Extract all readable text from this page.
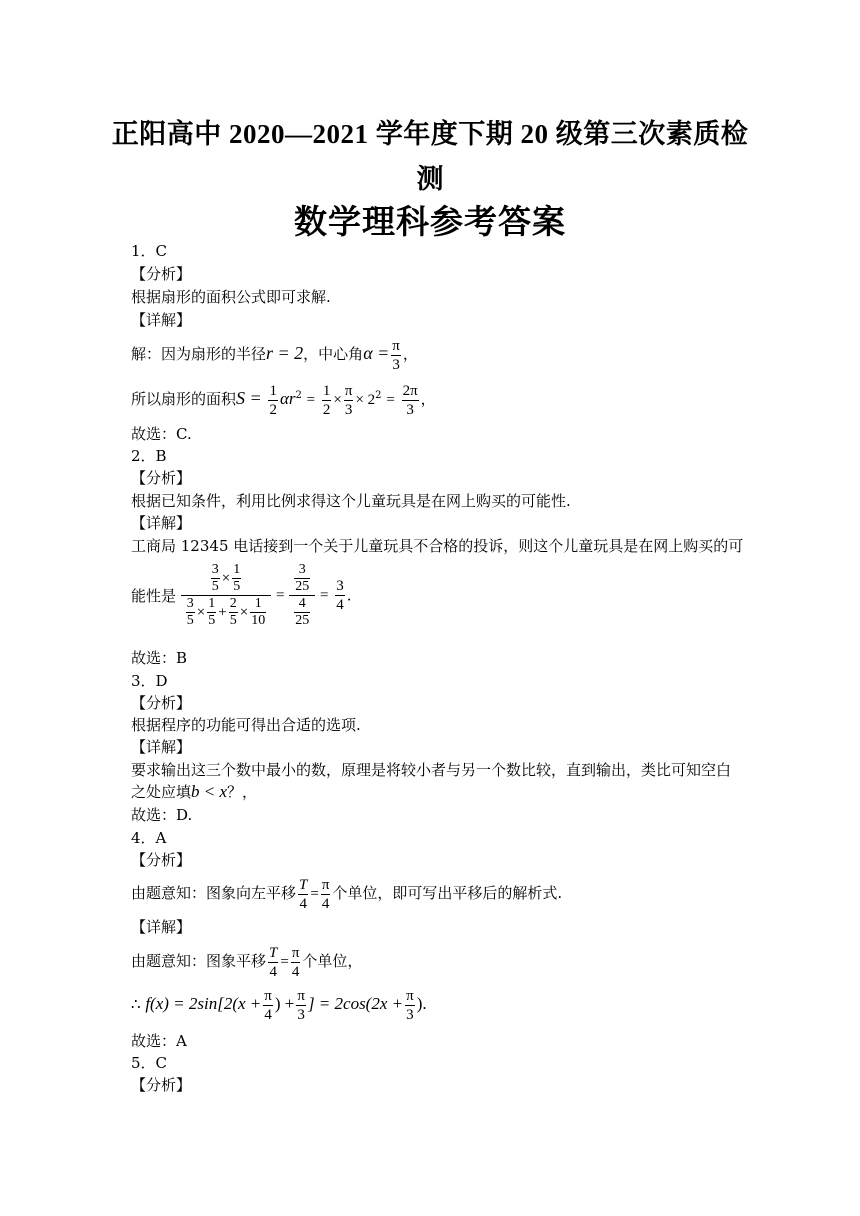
正阳高中 2020—2021 学年度下期 20 级第三次素质检
测
数学理科参考答案
1．C
【分析】
根据扇形的面积公式即可求解.
【详解】
解：因为扇形的半径r = 2，中心角$\alpha = \frac{\pi}{3}$ ，
所以扇形的面积$S = \frac{1}{2} \alpha r^2 = \frac{1}{2} \times \frac{\pi}{3} \times 2^2 = \frac{2\pi}{3}$ ，
故选：C.
2．B
【分析】
根据已知条件，利用比例求得这个儿童玩具是在网上购买的可能性.
【详解】
工商局 12345 电话接到一个关于儿童玩具不合格的投诉，则这个儿童玩具是在网上购买的可
能性是 $\frac{\frac{3}{5} \times \frac{1}{5}}{\frac{3}{5} \times \frac{1}{5} + \frac{2}{5} \times \frac{1}{10}} = \frac{\frac{3}{25}}{\frac{4}{25}} = \frac{3}{4}$ .
故选：B
3．D
【分析】
根据程序的功能可得出合适的选项.
【详解】
要求输出这三个数中最小的数，原理是将较小者与另一个数比较，直到输出，类比可知空白
之处应填b < x？，
故选：D.
4．A
【分析】
由题意知：图象向左平移 $\frac{T}{4} = \frac{\pi}{4}$ 个单位，即可写出平移后的解析式.
【详解】
由题意知：图象平移 $\frac{T}{4} = \frac{\pi}{4}$ 个单位，
∴ $f(x) = 2\sin[2(x + \frac{\pi}{4}$ ) + $\frac{\pi}{3}$ ] = $2\cos(2x + \frac{\pi}{3}$ ).
故选：A
5．C
【分析】
